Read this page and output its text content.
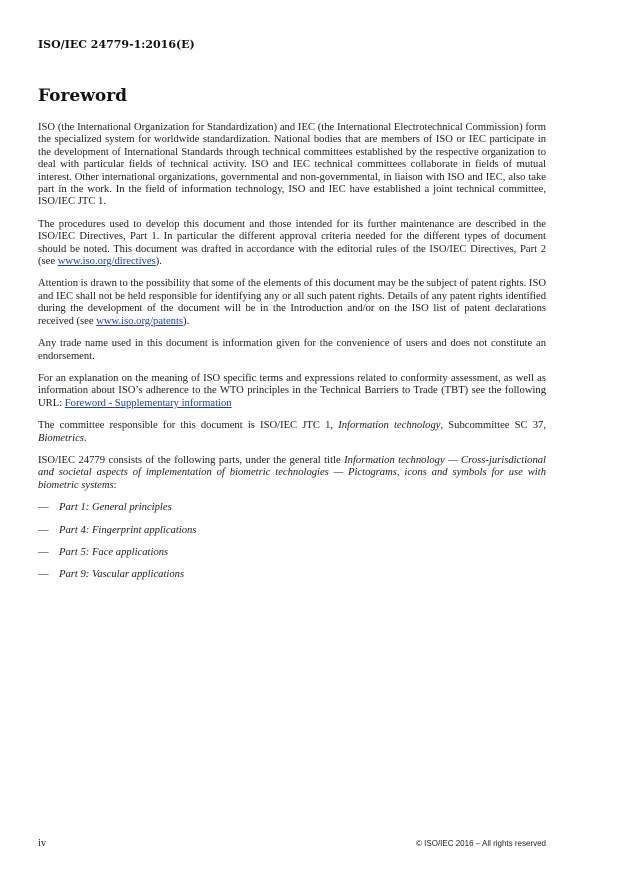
ISO/IEC 24779-1:2016(E)
Foreword

ISO (the International Organization for Standardization) and IEC (the International Electrotechnical Commission) form the specialized system for worldwide standardization. National bodies that are members of ISO or IEC participate in the development of International Standards through technical committees established by the respective organization to deal with particular fields of technical activity. ISO and IEC technical committees collaborate in fields of mutual interest. Other international organizations, governmental and non-governmental, in liaison with ISO and IEC, also take part in the work. In the field of information technology, ISO and IEC have established a joint technical committee, ISO/IEC JTC 1.

The procedures used to develop this document and those intended for its further maintenance are described in the ISO/IEC Directives, Part 1. In particular the different approval criteria needed for the different types of document should be noted. This document was drafted in accordance with the editorial rules of the ISO/IEC Directives, Part 2 (see www.iso.org/directives).

Attention is drawn to the possibility that some of the elements of this document may be the subject of patent rights. ISO and IEC shall not be held responsible for identifying any or all such patent rights. Details of any patent rights identified during the development of the document will be in the Introduction and/or on the ISO list of patent declarations received (see www.iso.org/patents).

Any trade name used in this document is information given for the convenience of users and does not constitute an endorsement.

For an explanation on the meaning of ISO specific terms and expressions related to conformity assessment, as well as information about ISO’s adherence to the WTO principles in the Technical Barriers to Trade (TBT) see the following URL: Foreword - Supplementary information

The committee responsible for this document is ISO/IEC JTC 1, Information technology, Subcommittee SC 37, Biometrics.

ISO/IEC 24779 consists of the following parts, under the general title Information technology — Cross-jurisdictional and societal aspects of implementation of biometric technologies — Pictograms, icons and symbols for use with biometric systems:

— Part 1: General principles
— Part 4: Fingerprint applications
— Part 5: Face applications
— Part 9: Vascular applications
iv	© ISO/IEC 2016 – All rights reserved
